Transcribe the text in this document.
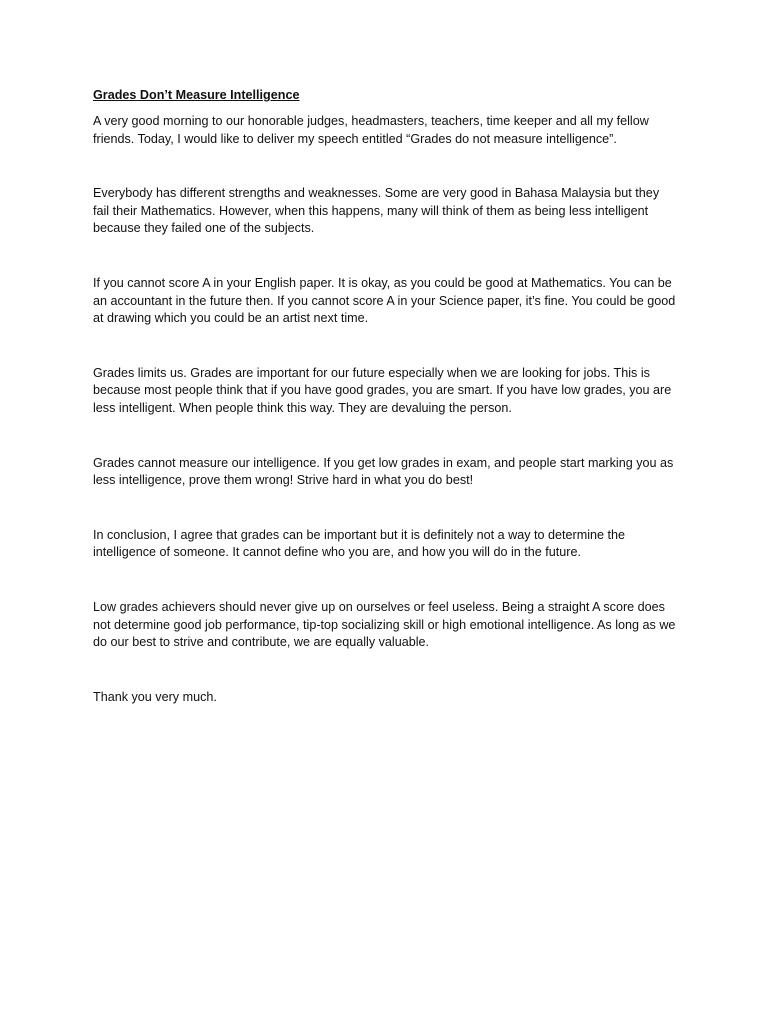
Grades Don’t Measure Intelligence

A very good morning to our honorable judges, headmasters, teachers, time keeper and all my fellow friends. Today, I would like to deliver my speech entitled “Grades do not measure intelligence”.

Everybody has different strengths and weaknesses. Some are very good in Bahasa Malaysia but they fail their Mathematics. However, when this happens, many will think of them as being less intelligent because they failed one of the subjects.

If you cannot score A in your English paper. It is okay, as you could be good at Mathematics. You can be an accountant in the future then. If you cannot score A in your Science paper, it’s fine. You could be good at drawing which you could be an artist next time.

Grades limits us. Grades are important for our future especially when we are looking for jobs. This is because most people think that if you have good grades, you are smart. If you have low grades, you are less intelligent. When people think this way. They are devaluing the person.

Grades cannot measure our intelligence. If you get low grades in exam, and people start marking you as less intelligence, prove them wrong! Strive hard in what you do best!

In conclusion, I agree that grades can be important but it is definitely not a way to determine the intelligence of someone. It cannot define who you are, and how you will do in the future.

Low grades achievers should never give up on ourselves or feel useless. Being a straight A score does not determine good job performance, tip-top socializing skill or high emotional intelligence. As long as we do our best to strive and contribute, we are equally valuable.

Thank you very much.
